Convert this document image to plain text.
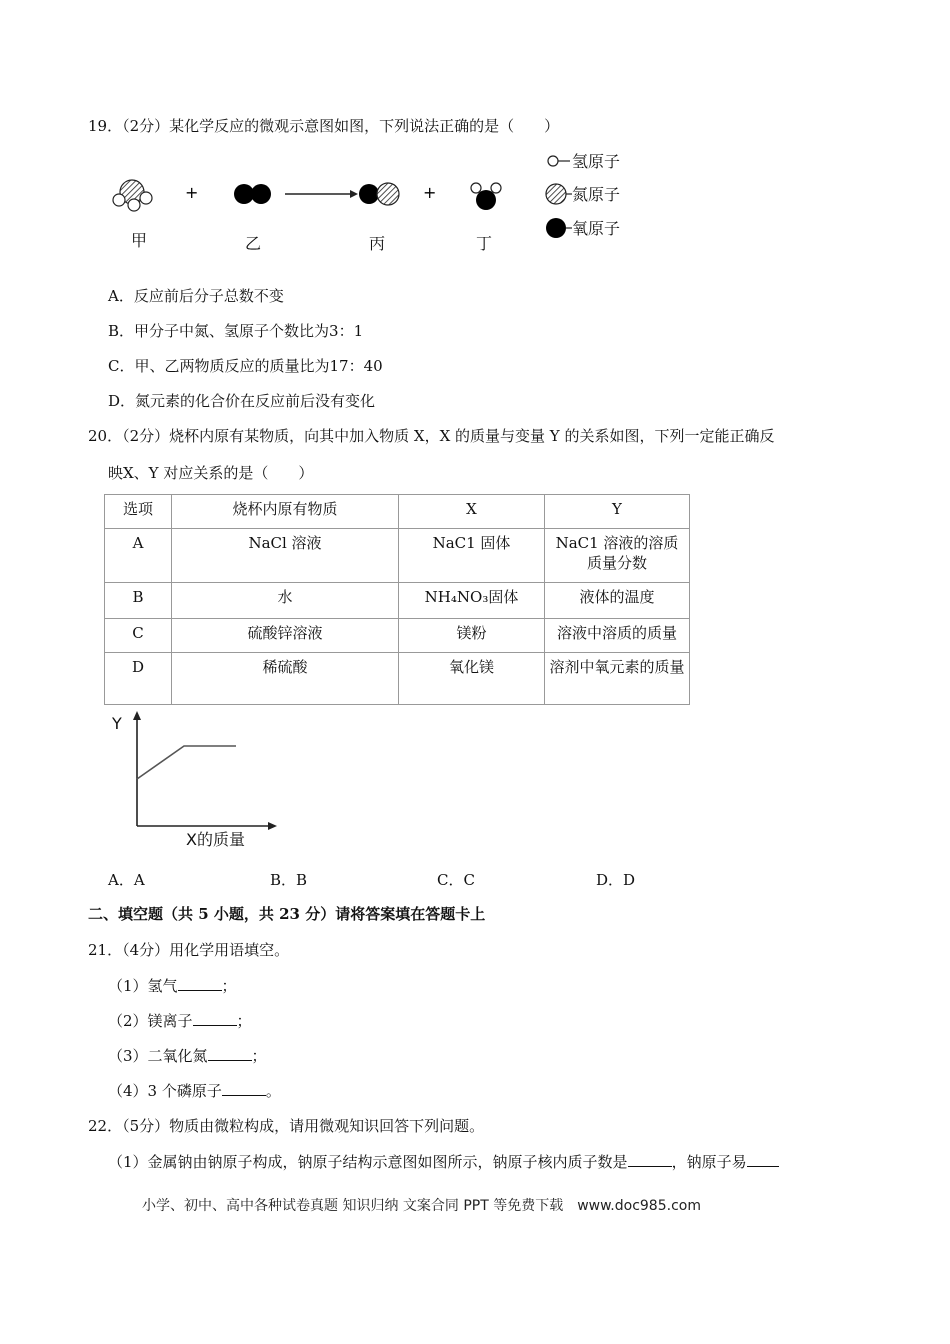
19．（2分）某化学反应的微观示意图如图，下列说法正确的是（　　）
+	+
氢原子
氮原子
氧原子
甲	乙	丙	丁
A．反应前后分子总数不变
B．甲分子中氮、氢原子个数比为3：1
C．甲、乙两物质反应的质量比为17：40
D．氮元素的化合价在反应前后没有变化
20．（2分）烧杯内原有某物质，向其中加入物质 X，X 的质量与变量 Y 的关系如图，下列一定能正确反
映X、Y 对应关系的是（　　）
选项	烧杯内原有物质	X	Y
A	NaCl 溶液	NaC1 固体	NaC1 溶液的溶质质量分数
B	水	NH₄NO₃固体	液体的温度
C	硫酸锌溶液	镁粉	溶液中溶质的质量
D	稀硫酸	氧化镁	溶剂中氧元素的质量
Y
X的质量
A．A	B．B	C．C	D．D
二、填空题（共 5 小题，共 23 分）请将答案填在答题卡上
21．（4分）用化学用语填空。
（1）氢气	；
（2）镁离子	；
（3）二氧化氮	；
（4）3 个磷原子	。
22．（5分）物质由微粒构成，请用微观知识回答下列问题。
（1）金属钠由钠原子构成，钠原子结构示意图如图所示，钠原子核内质子数是	，钠原子易
小学、初中、高中各种试卷真题 知识归纳 文案合同 PPT 等免费下载　www.doc985.com
